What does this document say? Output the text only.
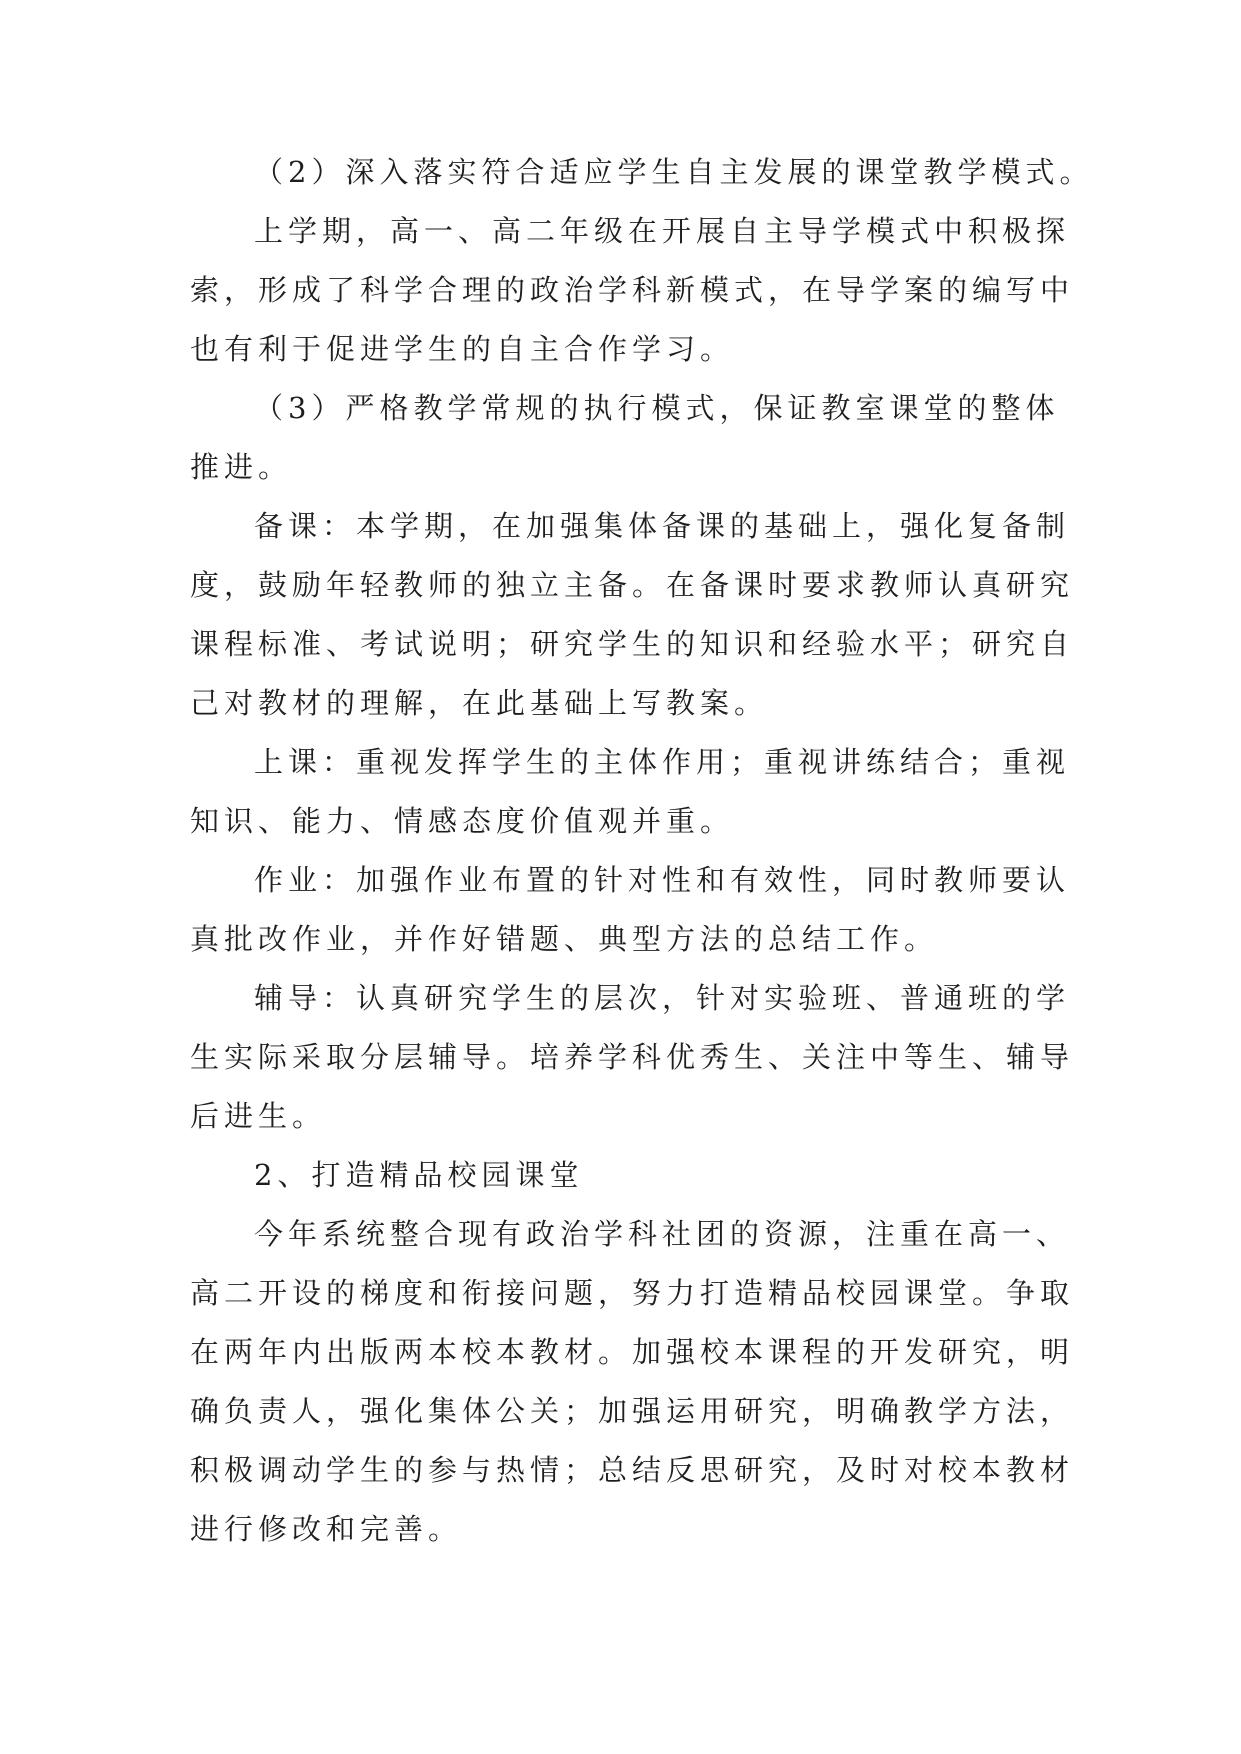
（2）深入落实符合适应学生自主发展的课堂教学模式。
上学期，高一、高二年级在开展自主导学模式中积极探
索，形成了科学合理的政治学科新模式，在导学案的编写中
也有利于促进学生的自主合作学习。
（3）严格教学常规的执行模式，保证教室课堂的整体
推进。
备课：本学期，在加强集体备课的基础上，强化复备制
度，鼓励年轻教师的独立主备。在备课时要求教师认真研究
课程标准、考试说明；研究学生的知识和经验水平；研究自
己对教材的理解，在此基础上写教案。
上课：重视发挥学生的主体作用；重视讲练结合；重视
知识、能力、情感态度价值观并重。
作业：加强作业布置的针对性和有效性，同时教师要认
真批改作业，并作好错题、典型方法的总结工作。
辅导：认真研究学生的层次，针对实验班、普通班的学
生实际采取分层辅导。培养学科优秀生、关注中等生、辅导
后进生。
2、打造精品校园课堂
今年系统整合现有政治学科社团的资源，注重在高一、
高二开设的梯度和衔接问题，努力打造精品校园课堂。争取
在两年内出版两本校本教材。加强校本课程的开发研究，明
确负责人，强化集体公关；加强运用研究，明确教学方法，
积极调动学生的参与热情；总结反思研究，及时对校本教材
进行修改和完善。
